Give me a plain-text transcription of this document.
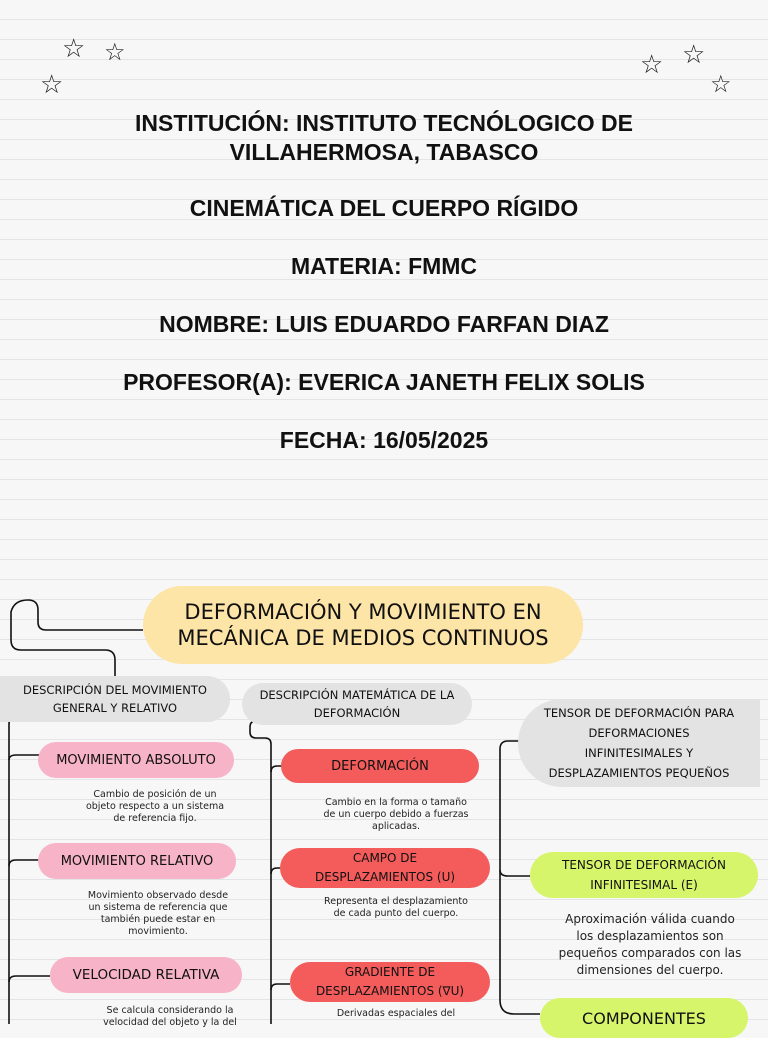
☆ ☆
☆
☆ ☆
☆
INSTITUCIÓN: INSTITUTO TECNÓLOGICO DE
VILLAHERMOSA, TABASCO
CINEMÁTICA DEL CUERPO RÍGIDO
MATERIA: FMMC
NOMBRE: LUIS EDUARDO FARFAN DIAZ
PROFESOR(A): EVERICA JANETH FELIX SOLIS
FECHA: 16/05/2025
DEFORMACIÓN Y MOVIMIENTO EN
MECÁNICA DE MEDIOS CONTINUOS
DESCRIPCIÓN DEL MOVIMIENTO
GENERAL Y RELATIVO
MOVIMIENTO ABSOLUTO
Cambio de posición de un
objeto respecto a un sistema
de referencia fijo.
MOVIMIENTO RELATIVO
Movimiento observado desde
un sistema de referencia que
también puede estar en
movimiento.
VELOCIDAD RELATIVA
Se calcula considerando la
velocidad del objeto y la del
DESCRIPCIÓN MATEMÁTICA DE LA
DEFORMACIÓN
DEFORMACIÓN
Cambio en la forma o tamaño
de un cuerpo debido a fuerzas
aplicadas.
CAMPO DE
DESPLAZAMIENTOS (U)
Representa el desplazamiento
de cada punto del cuerpo.
GRADIENTE DE
DESPLAZAMIENTOS (∇U)
Derivadas espaciales del
TENSOR DE DEFORMACIÓN PARA
DEFORMACIONES
INFINITESIMALES Y
DESPLAZAMIENTOS PEQUEÑOS
TENSOR DE DEFORMACIÓN
INFINITESIMAL (E)
Aproximación válida cuando
los desplazamientos son
pequeños comparados con las
dimensiones del cuerpo.
COMPONENTES
